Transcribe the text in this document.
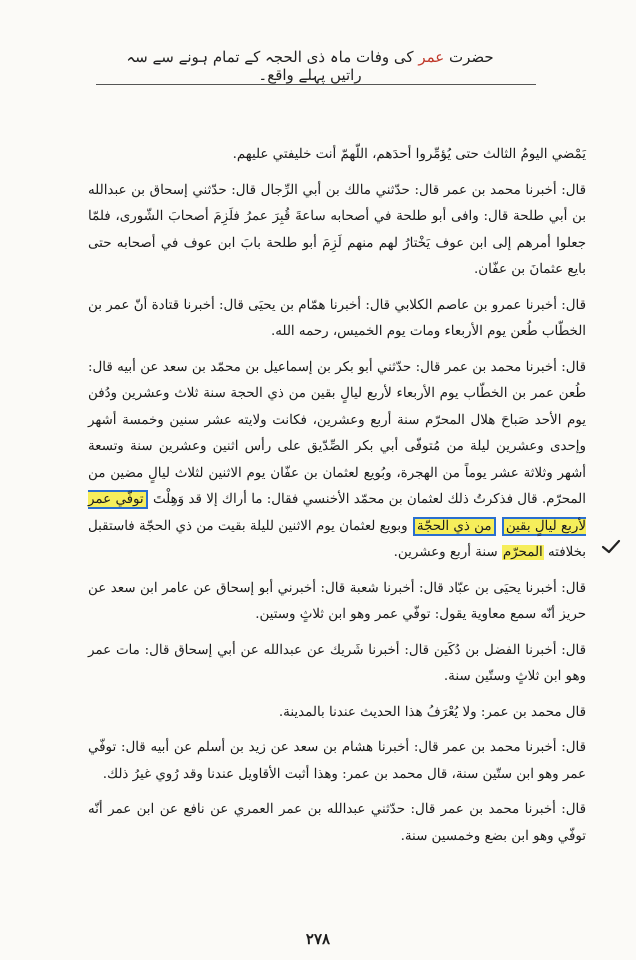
حضرت عمر کی وفات ماہ ذی الحجہ کے تمام ہونے سے سہ راتیں پہلے واقع۔

يَمْضي اليومُ الثالث حتى يُؤمِّروا أحدَهم، اللّهمّ أنت خليفتي عليهم.

قال: أخبرنا محمد بن عمر قال: حدّثني مالك بن أبي الرِّجال قال: حدّثني إسحاق بن عبدالله بن أبي طلحة قال: وافى أبو طلحة في أصحابه ساعةَ قُبِرَ عمرُ فلَزِمَ أصحابَ الشّورى، فلمّا جعلوا أمرهم إلى ابن عوف يَخْتارُ لهم منهم لَزِمَ أبو طلحة بابَ ابن عوف في أصحابه حتى بايع عثمانَ بن عفّان.

قال: أخبرنا عمرو بن عاصم الكلابي قال: أخبرنا همّام بن يحيَى قال: أخبرنا قتادة أنّ عمر بن الخطّاب طُعن يوم الأربعاء ومات يوم الخميس، رحمه الله.

قال: أخبرنا محمد بن عمر قال: حدّثني أبو بكر بن إسماعيل بن محمّد بن سعد عن أبيه قال: طُعن عمر بن الخطّاب يوم الأربعاء لأربع ليالٍ بقين من ذي الحجة سنة ثلاث وعشرين ودُفن يوم الأحد صَباحَ هلال المحرّم سنة أربع وعشرين، فكانت ولايته عشر سنين وخمسة أشهر وإحدى وعشرين ليلة من مُتوفّى أبي بكر الصِّدّيق على رأس اثنين وعشرين سنة وتسعة أشهر وثلاثة عشر يوماً من الهجرة، وبُويع لعثمان بن عفّان يوم الاثنين لثلاث ليالٍ مضين من المحرّم. قال فذكرتُ ذلك لعثمان بن محمّد الأخنسي فقال: ما أراك إلا قد وَهِلْتَ توفّي عمر لأربع ليالٍ بقين من ذي الحجّة وبويع لعثمان يوم الاثنين لليلة بقيت من ذي الحجّة فاستقبل بخلافته المحرّم سنة أربع وعشرين.

قال: أخبرنا يحيَى بن عبّاد قال: أخبرنا شعبة قال: أخبرني أبو إسحاق عن عامر ابن سعد عن حريز أنّه سمع معاوية يقول: توفّي عمر وهو ابن ثلاثٍ وستين.

قال: أخبرنا الفضل بن دُكَين قال: أخبرنا شَريك عن عبدالله عن أبي إسحاق قال: مات عمر وهو ابن ثلاثٍ وستّين سنة.

قال محمد بن عمر: ولا يُعْرَفُ هذا الحديث عندنا بالمدينة.

قال: أخبرنا محمد بن عمر قال: أخبرنا هشام بن سعد عن زيد بن أسلم عن أبيه قال: توفّي عمر وهو ابن ستّين سنة، قال محمد بن عمر: وهذا أثبت الأقاويل عندنا وقد رُوي غيرُ ذلك.

قال: أخبرنا محمد بن عمر قال: حدّثني عبدالله بن عمر العمري عن نافع عن ابن عمر أنّه توفّي وهو ابن بضع وخمسين سنة.

٢٧٨
